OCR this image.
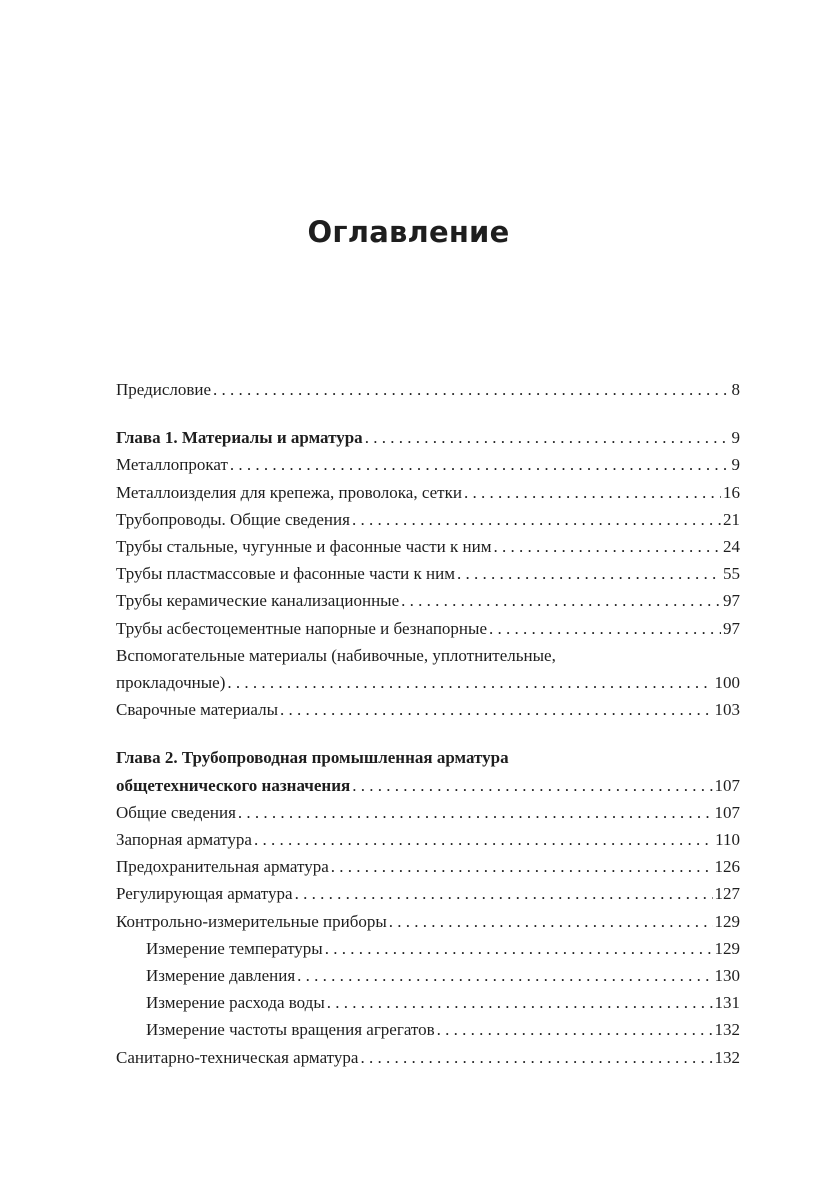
Оглавление
Предисловие . . .	8
Глава 1. Материалы и арматура . . .	9
Металлопрокат . . .	9
Металлоизделия для крепежа, проволока, сетки . . .	16
Трубопроводы. Общие сведения . . .	21
Трубы стальные, чугунные и фасонные части к ним . . .	24
Трубы пластмассовые и фасонные части к ним . . .	55
Трубы керамические канализационные . . .	97
Трубы асбестоцементные напорные и безнапорные . . .	97
Вспомогательные материалы (набивочные, уплотнительные,
прокладочные) . . .	100
Сварочные материалы . . .	103
Глава 2. Трубопроводная промышленная арматура
общетехнического назначения . . .	107
Общие сведения . . .	107
Запорная арматура . . .	110
Предохранительная арматура . . .	126
Регулирующая арматура . . .	127
Контрольно-измерительные приборы . . .	129
Измерение температуры . . .	129
Измерение давления . . .	130
Измерение расхода воды . . .	131
Измерение частоты вращения агрегатов . . .	132
Санитарно-техническая арматура . . .	132
